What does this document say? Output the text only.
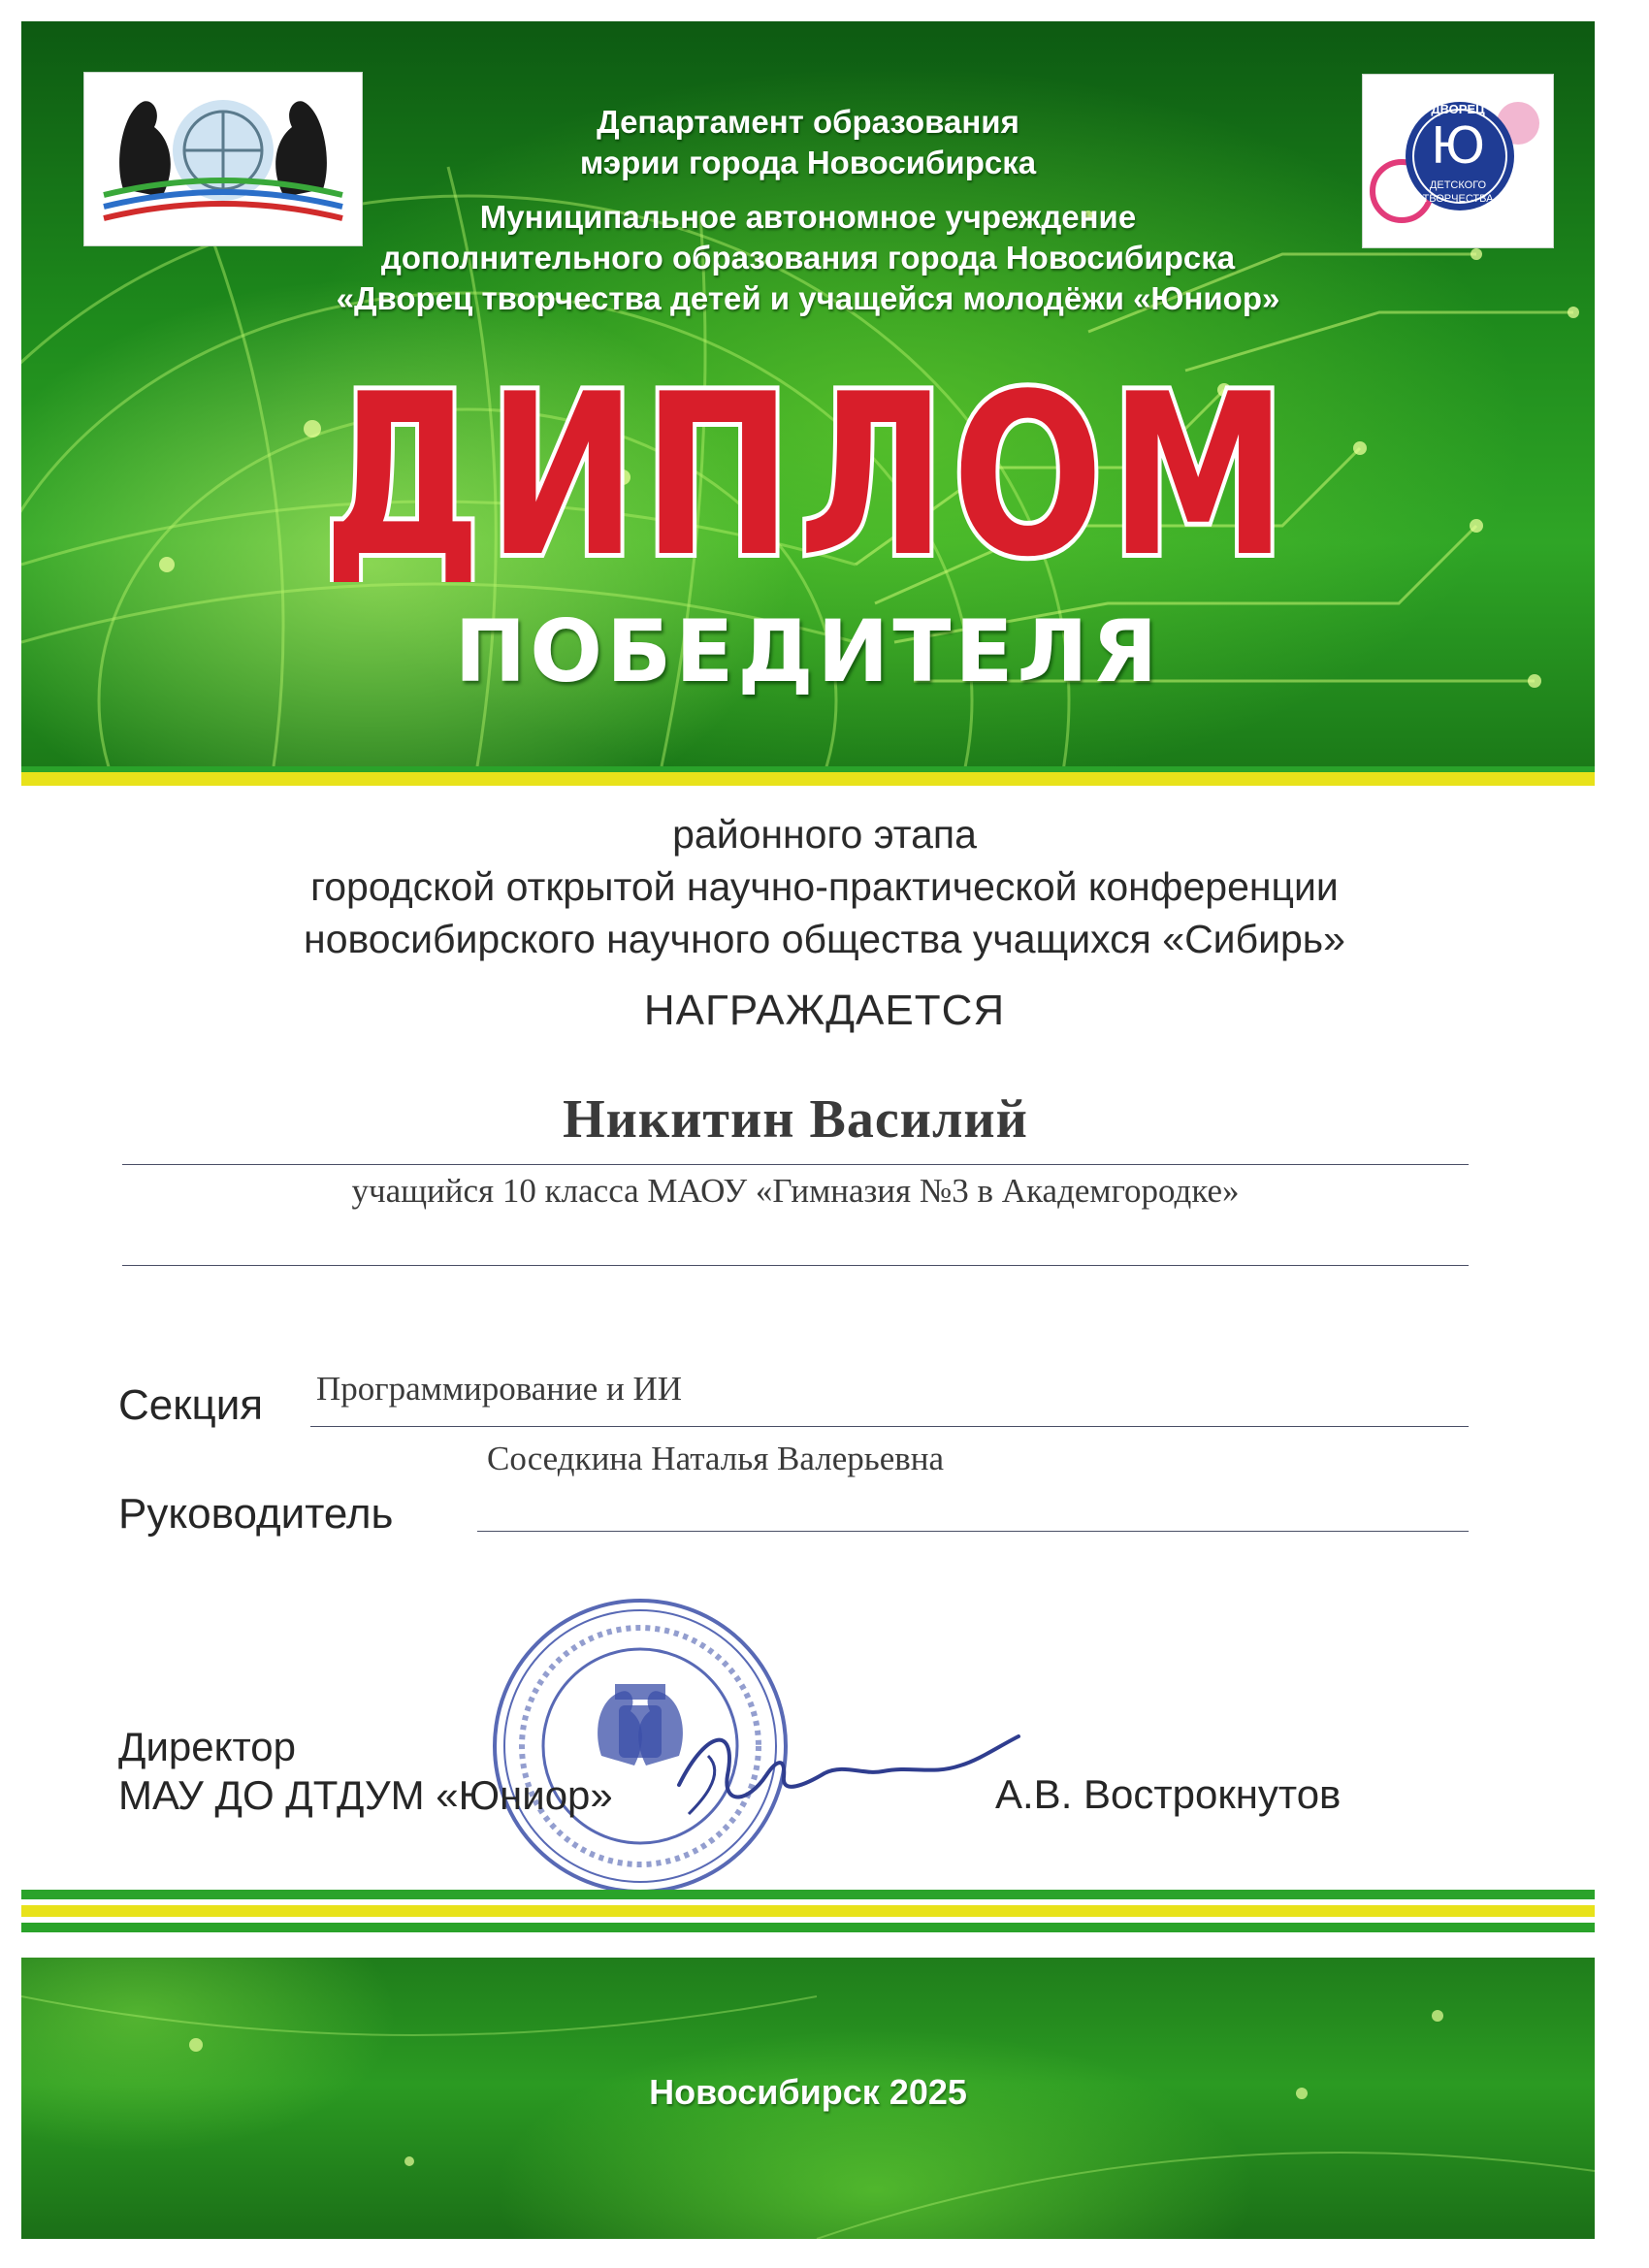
ДВОРЕЦ
Ю
ДЕТСКОГО
ТВОРЧЕСТВА
Департамент образования
мэрии города Новосибирска
Муниципальное автономное учреждение
дополнительного образования города Новосибирска
«Дворец творчества детей и учащейся молодёжи «Юниор»
ДИПЛОМ
ПОБЕДИТЕЛЯ
районного этапа
городской открытой научно-практической конференции
новосибирского научного общества учащихся «Сибирь»
НАГРАЖДАЕТСЯ
Никитин Василий
учащийся 10 класса МАОУ «Гимназия №3 в Академгородке»
Секция Программирование и ИИ
Соседкина Наталья Валерьевна
Руководитель
Директор
МАУ ДО ДТДУМ «Юниор»	А.В. Вострокнутов
Новосибирск 2025
